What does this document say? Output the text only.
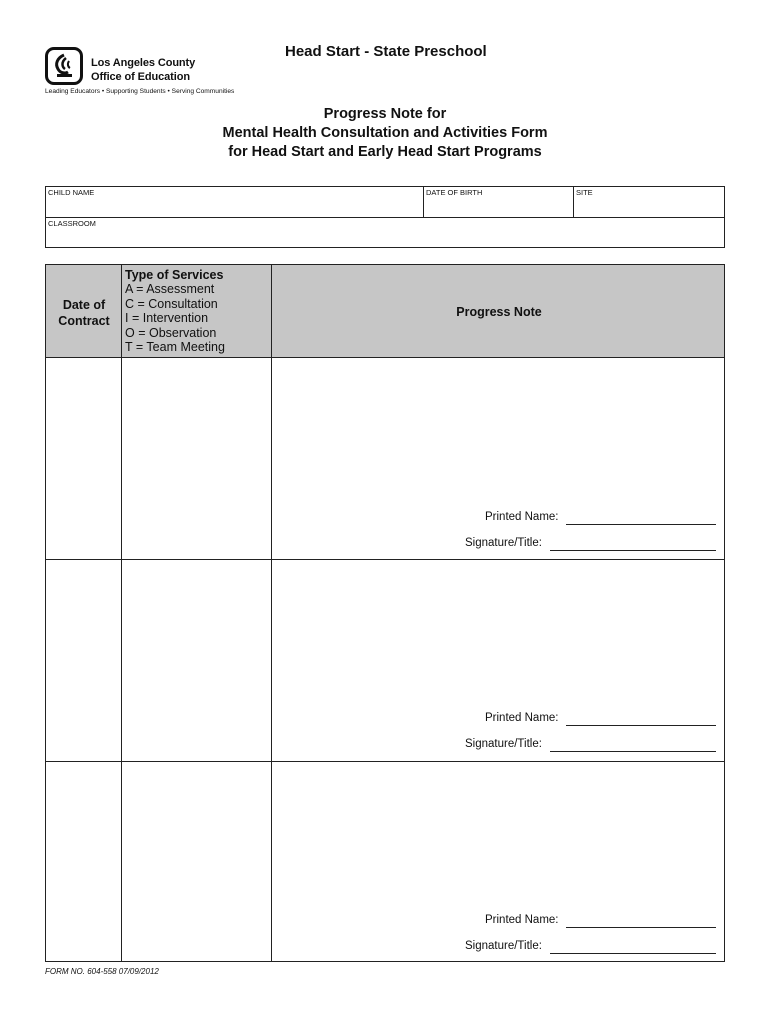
Los Angeles County
Office of Education
Leading Educators • Supporting Students • Serving Communities
Head Start - State Preschool
Progress Note for
Mental Health Consultation and Activities Form
for Head Start and Early Head Start Programs
CHILD NAME	DATE OF BIRTH	SITE
CLASSROOM
Date of
Contract
Type of Services
A = Assessment
C = Consultation
I = Intervention
O = Observation
T = Team Meeting
Progress Note
Printed Name:
Signature/Title:
Printed Name:
Signature/Title:
Printed Name:
Signature/Title:
FORM NO. 604-558 07/09/2012
